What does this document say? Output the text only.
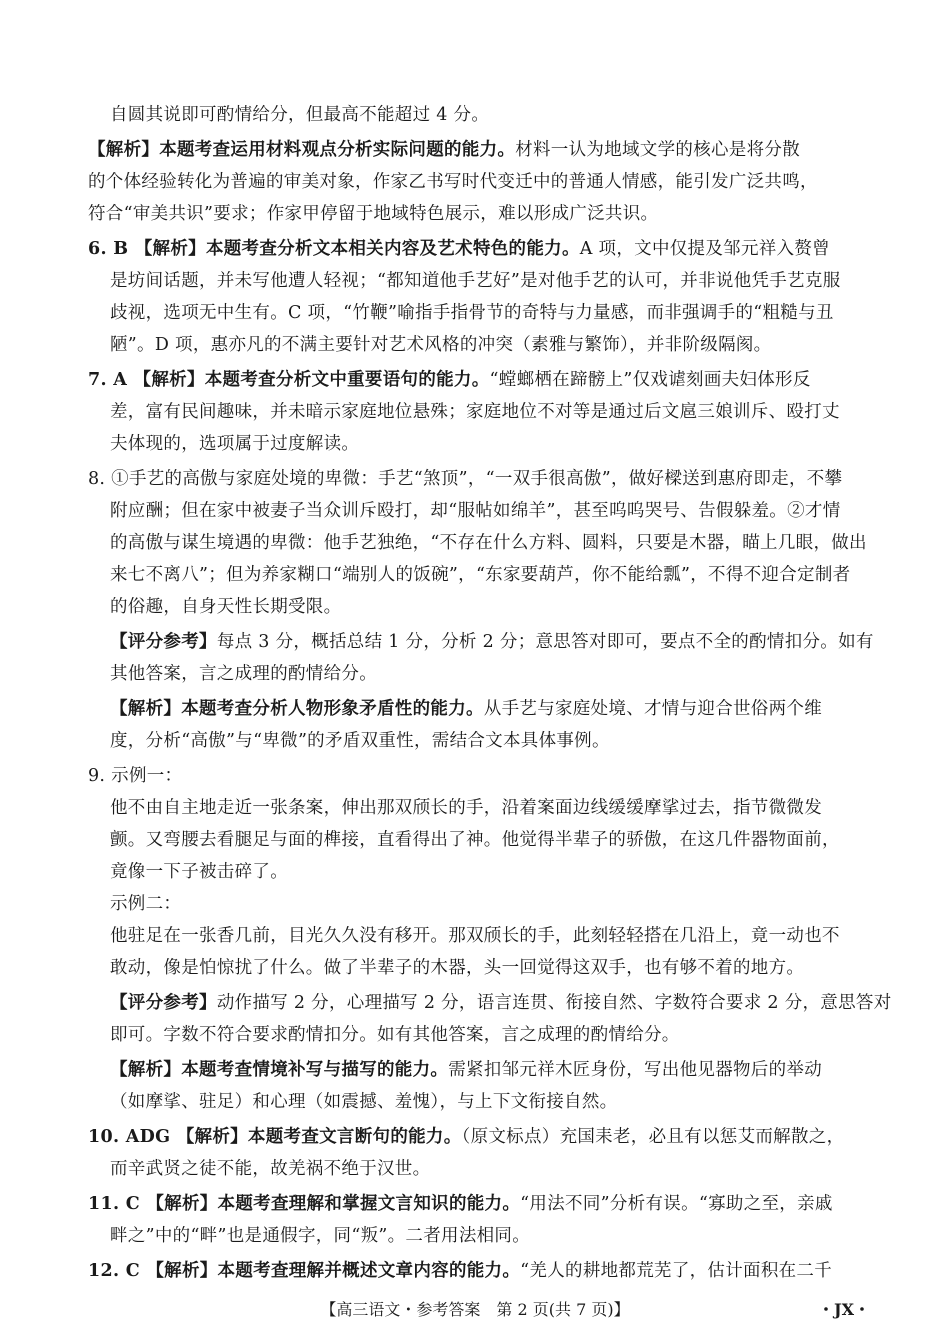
自圆其说即可酌情给分，但最高不能超过 4 分。
【解析】本题考查运用材料观点分析实际问题的能力。材料一认为地域文学的核心是将分散
的个体经验转化为普遍的审美对象，作家乙书写时代变迁中的普通人情感，能引发广泛共鸣，
符合“审美共识”要求；作家甲停留于地域特色展示，难以形成广泛共识。
6. B 【解析】本题考查分析文本相关内容及艺术特色的能力。A 项，文中仅提及邹元祥入赘曾
是坊间话题，并未写他遭人轻视；“都知道他手艺好”是对他手艺的认可，并非说他凭手艺克服
歧视，选项无中生有。C 项，“竹鞭”喻指手指骨节的奇特与力量感，而非强调手的“粗糙与丑
陋”。D 项，惠亦凡的不满主要针对艺术风格的冲突（素雅与繁饰），并非阶级隔阂。
7. A 【解析】本题考查分析文中重要语句的能力。“螳螂栖在蹄髈上”仅戏谑刻画夫妇体形反
差，富有民间趣味，并未暗示家庭地位悬殊；家庭地位不对等是通过后文扈三娘训斥、殴打丈
夫体现的，选项属于过度解读。
8. ①手艺的高傲与家庭处境的卑微：手艺“煞顶”，“一双手很高傲”，做好樑送到惠府即走，不攀
附应酬；但在家中被妻子当众训斥殴打，却“服帖如绵羊”，甚至呜呜哭号、告假躲羞。②才情
的高傲与谋生境遇的卑微：他手艺独绝，“不存在什么方料、圆料，只要是木器，瞄上几眼，做出
来七不离八”；但为养家糊口“端别人的饭碗”，“东家要葫芦，你不能给瓢”，不得不迎合定制者
的俗趣，自身天性长期受限。
【评分参考】每点 3 分，概括总结 1 分，分析 2 分；意思答对即可，要点不全的酌情扣分。如有
其他答案，言之成理的酌情给分。
【解析】本题考查分析人物形象矛盾性的能力。从手艺与家庭处境、才情与迎合世俗两个维
度，分析“高傲”与“卑微”的矛盾双重性，需结合文本具体事例。
9. 示例一：
他不由自主地走近一张条案，伸出那双颀长的手，沿着案面边线缓缓摩挲过去，指节微微发
颤。又弯腰去看腿足与面的榫接，直看得出了神。他觉得半辈子的骄傲，在这几件器物面前，
竟像一下子被击碎了。
示例二：
他驻足在一张香几前，目光久久没有移开。那双颀长的手，此刻轻轻搭在几沿上，竟一动也不
敢动，像是怕惊扰了什么。做了半辈子的木器，头一回觉得这双手，也有够不着的地方。
【评分参考】动作描写 2 分，心理描写 2 分，语言连贯、衔接自然、字数符合要求 2 分，意思答对
即可。字数不符合要求酌情扣分。如有其他答案，言之成理的酌情给分。
【解析】本题考查情境补写与描写的能力。需紧扣邹元祥木匠身份，写出他见器物后的举动
（如摩挲、驻足）和心理（如震撼、羞愧），与上下文衔接自然。
10. ADG 【解析】本题考查文言断句的能力。（原文标点）充国耒老，必且有以惩艾而解散之，
而辛武贤之徒不能，故羌祸不绝于汉世。
11. C 【解析】本题考查理解和掌握文言知识的能力。“用法不同”分析有误。“寡助之至，亲戚
畔之”中的“畔”也是通假字，同“叛”。二者用法相同。
12. C 【解析】本题考查理解并概述文章内容的能力。“羌人的耕地都荒芜了，估计面积在二千
【高三语文・参考答案　第 2 页(共 7 页)】	・JX・
